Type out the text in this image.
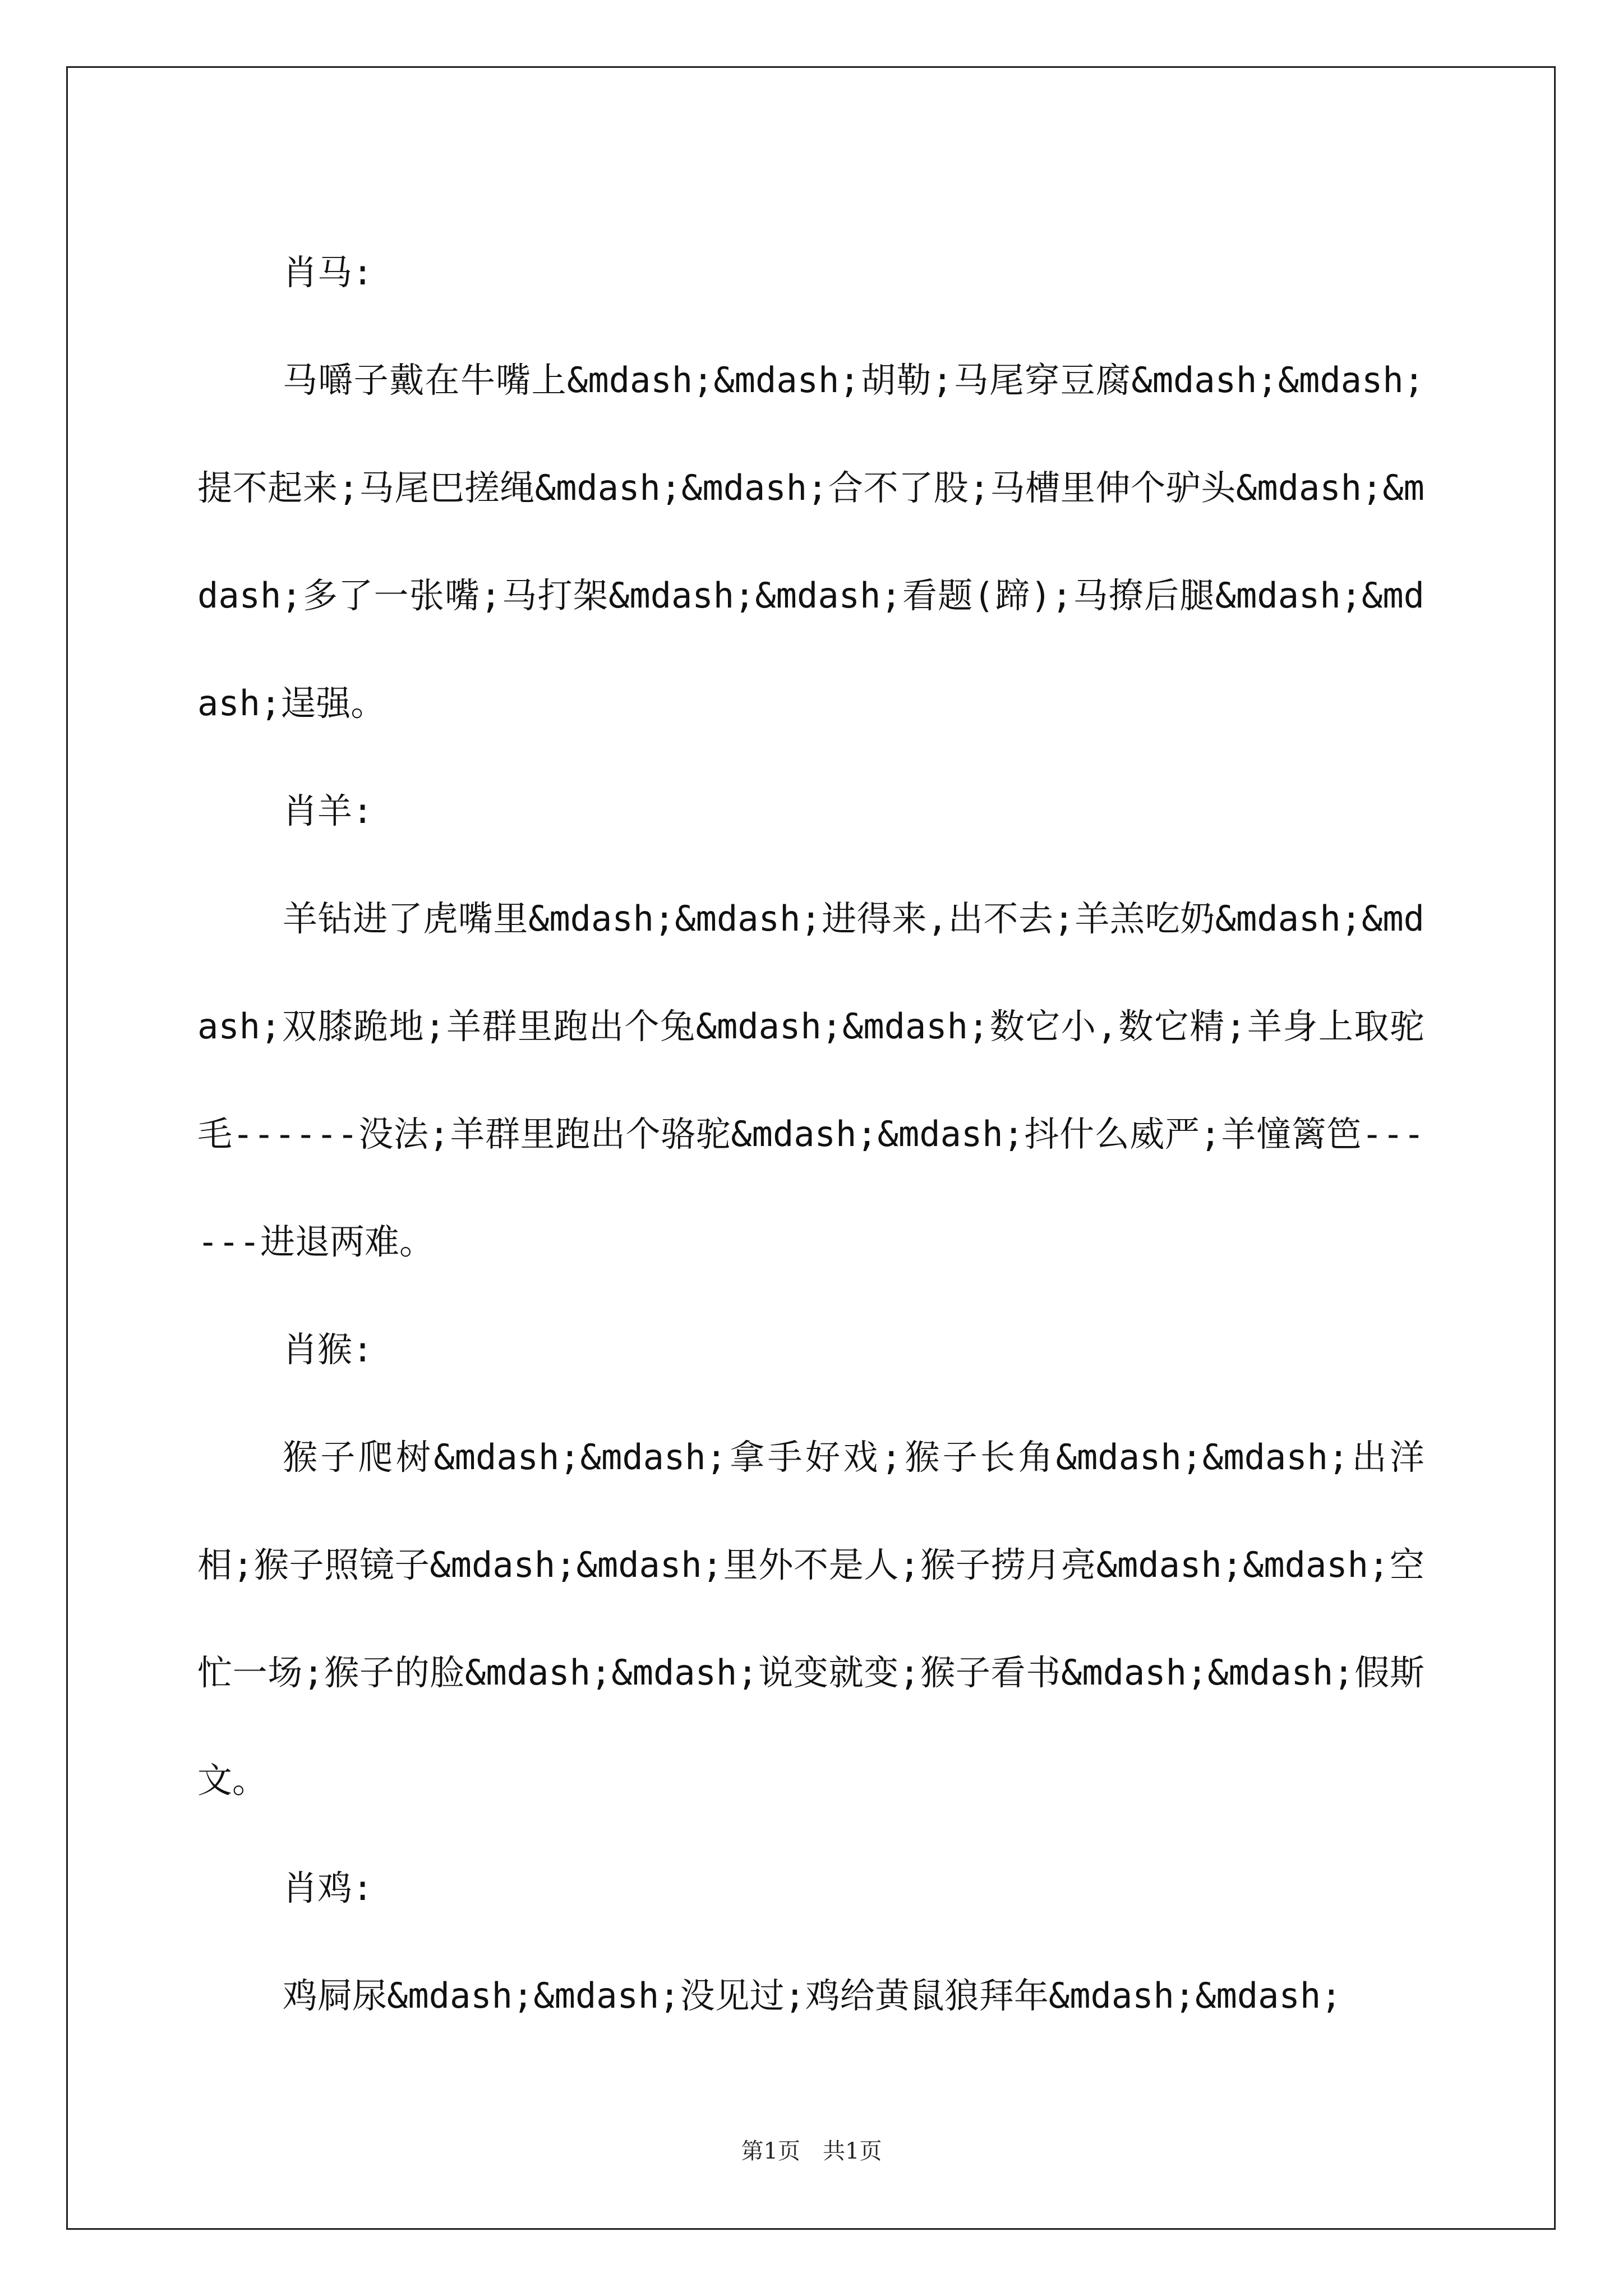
肖马:

马嚼子戴在牛嘴上&mdash;&mdash;胡勒;马尾穿豆腐&mdash;&mdash;提不起来;马尾巴搓绳&mdash;&mdash;合不了股;马槽里伸个驴头&mdash;&mdash;多了一张嘴;马打架&mdash;&mdash;看题(蹄);马撩后腿&mdash;&mdash;逞强。

肖羊:

羊钻进了虎嘴里&mdash;&mdash;进得来,出不去;羊羔吃奶&mdash;&mdash;双膝跪地;羊群里跑出个兔&mdash;&mdash;数它小,数它精;羊身上取驼毛------没法;羊群里跑出个骆驼&mdash;&mdash;抖什么威严;羊憧篱笆------进退两难。

肖猴:

猴子爬树&mdash;&mdash;拿手好戏;猴子长角&mdash;&mdash;出洋相;猴子照镜子&mdash;&mdash;里外不是人;猴子捞月亮&mdash;&mdash;空忙一场;猴子的脸&mdash;&mdash;说变就变;猴子看书&mdash;&mdash;假斯文。

肖鸡:

鸡屙尿&mdash;&mdash;没见过;鸡给黄鼠狼拜年&mdash;&mdash;

第1页　共1页
